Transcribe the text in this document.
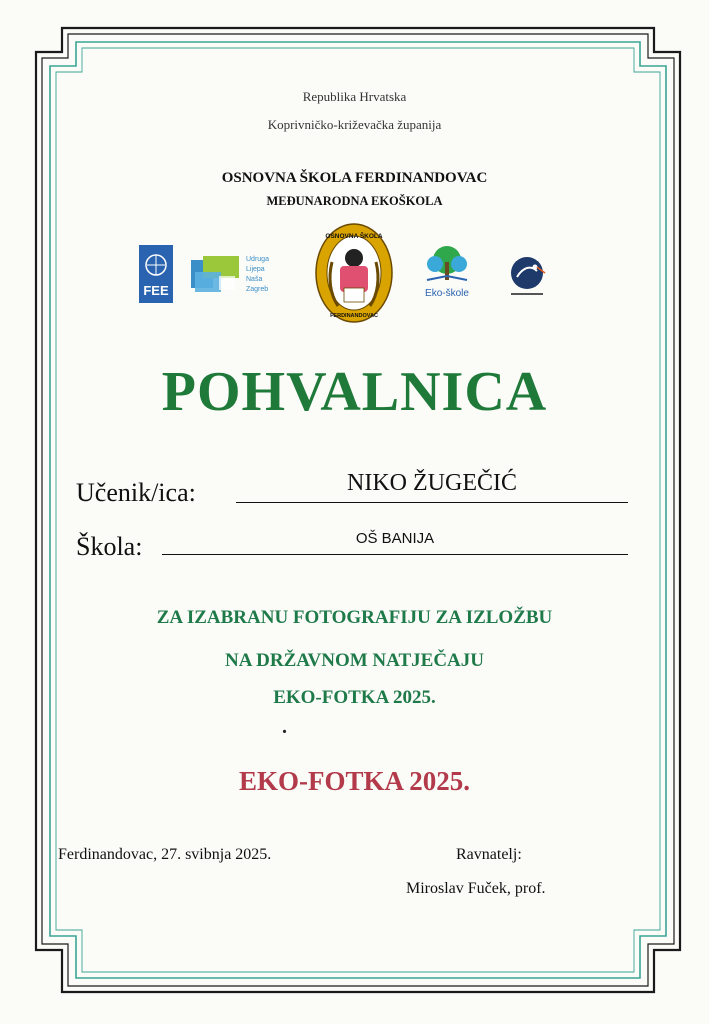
Republika Hrvatska
Koprivničko-križevačka županija
OSNOVNA ŠKOLA FERDINANDOVAC
MEĐUNARODNA EKOŠKOLA
FEE
Udruga
Lijepa
Naša
Zagreb
OSNOVNA ŠKOLA
FERDINANDOVAC
Eko-škole
POHVALNICA
Učenik/ica:	NIKO ŽUGEČIĆ
Škola:	OŠ BANIJA
ZA IZABRANU FOTOGRAFIJU ZA IZLOŽBU
NA DRŽAVNOM NATJEČAJU
EKO-FOTKA 2025.
.
EKO-FOTKA 2025.
Ferdinandovac, 27. svibnja 2025.	Ravnatelj:
Miroslav Fuček, prof.
